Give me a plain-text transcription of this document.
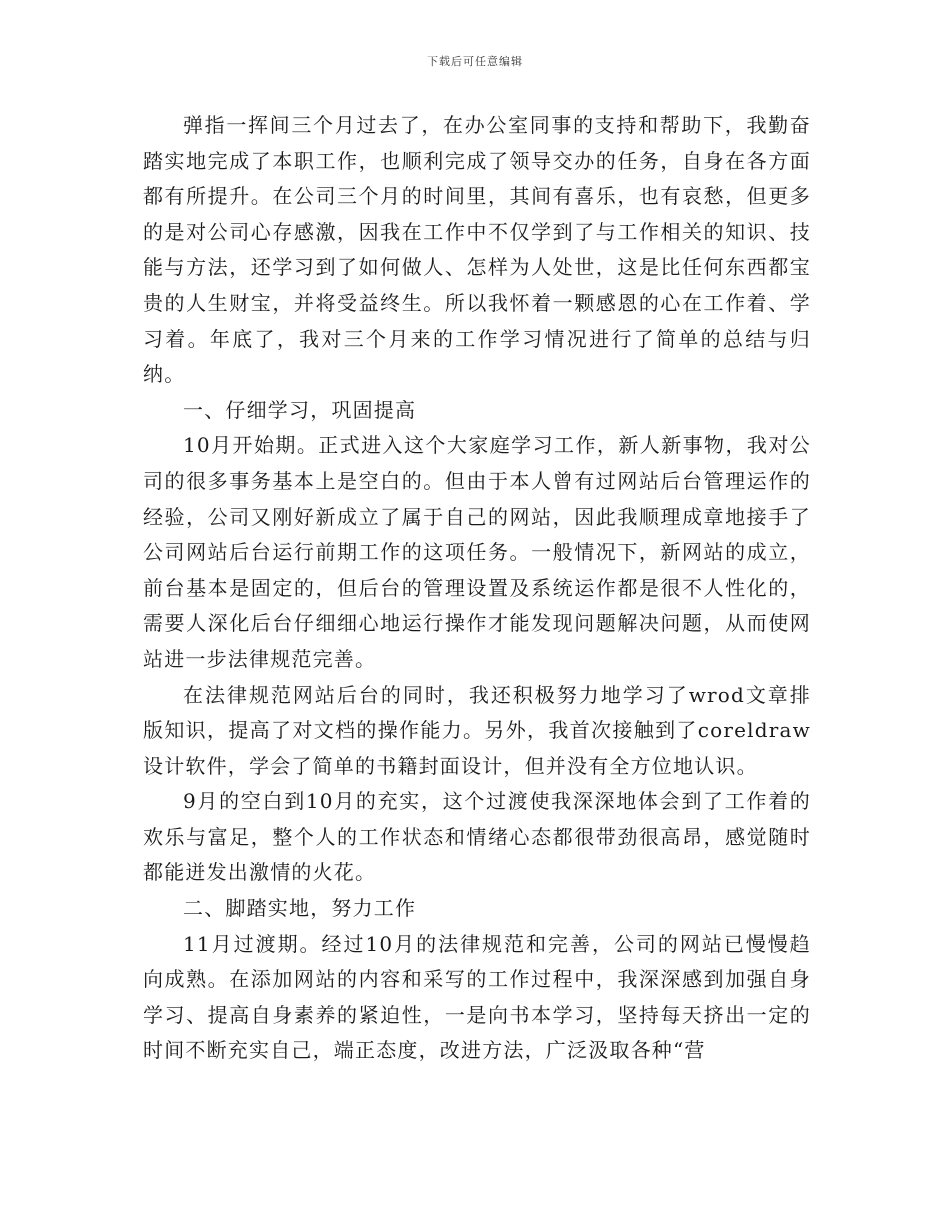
下载后可任意编辑

弹指一挥间三个月过去了，在办公室同事的支持和帮助下，我勤奋踏实地完成了本职工作，也顺利完成了领导交办的任务，自身在各方面都有所提升。在公司三个月的时间里，其间有喜乐，也有哀愁，但更多的是对公司心存感激，因我在工作中不仅学到了与工作相关的知识、技能与方法，还学习到了如何做人、怎样为人处世，这是比任何东西都宝贵的人生财宝，并将受益终生。所以我怀着一颗感恩的心在工作着、学习着。年底了，我对三个月来的工作学习情况进行了简单的总结与归纳。

一、仔细学习，巩固提高

10月开始期。正式进入这个大家庭学习工作，新人新事物，我对公司的很多事务基本上是空白的。但由于本人曾有过网站后台管理运作的经验，公司又刚好新成立了属于自己的网站，因此我顺理成章地接手了公司网站后台运行前期工作的这项任务。一般情况下，新网站的成立，前台基本是固定的，但后台的管理设置及系统运作都是很不人性化的，需要人深化后台仔细细心地运行操作才能发现问题解决问题，从而使网站进一步法律规范完善。

在法律规范网站后台的同时，我还积极努力地学习了wrod文章排版知识，提高了对文档的操作能力。另外，我首次接触到了coreldraw设计软件，学会了简单的书籍封面设计，但并没有全方位地认识。

9月的空白到10月的充实，这个过渡使我深深地体会到了工作着的欢乐与富足，整个人的工作状态和情绪心态都很带劲很高昂，感觉随时都能迸发出激情的火花。

二、脚踏实地，努力工作

11月过渡期。经过10月的法律规范和完善，公司的网站已慢慢趋向成熟。在添加网站的内容和采写的工作过程中，我深深感到加强自身学习、提高自身素养的紧迫性，一是向书本学习，坚持每天挤出一定的时间不断充实自己，端正态度，改进方法，广泛汲取各种“营
